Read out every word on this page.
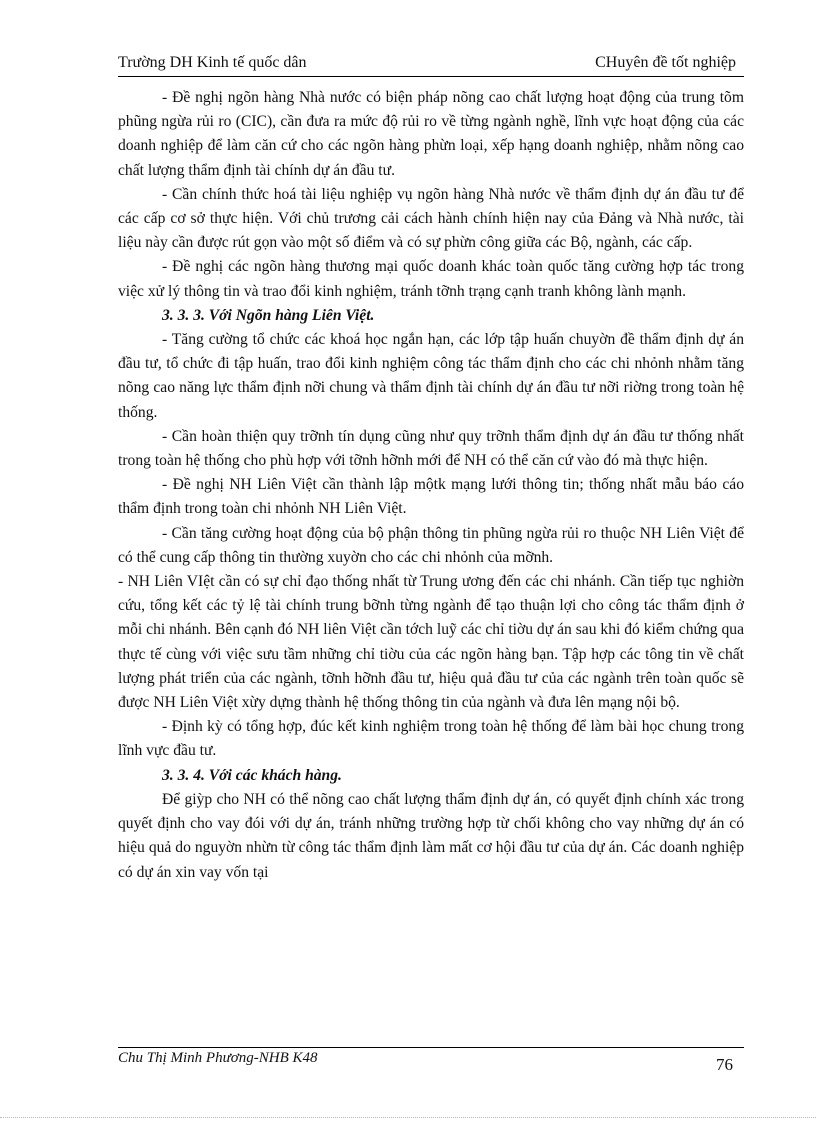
Trường DH Kinh tế quốc dân	CHuyên đề tốt nghiệp

- Đề nghị ngõn hàng Nhà nước có biện pháp nõng cao chất lượng hoạt động của trung tõm phũng ngừa rủi ro (CIC), cần đưa ra mức độ rủi ro về từng ngành nghề, lĩnh vực hoạt động của các doanh nghiệp để làm căn cứ cho các ngõn hàng phừn loại, xếp hạng doanh nghiệp, nhằm nõng cao chất lượng thẩm định tài chính dự án đầu tư.

- Cần chính thức hoá tài liệu nghiệp vụ ngõn hàng Nhà nước về thẩm định dự án đầu tư để các cấp cơ sở thực hiện. Với chủ trương cải cách hành chính hiện nay của Đảng và Nhà nước, tài liệu này cần được rút gọn vào một số điểm và có sự phừn công giữa các Bộ, ngành, các cấp.

- Đề nghị các ngõn hàng thương mại quốc doanh khác toàn quốc tăng cường hợp tác trong việc xử lý thông tin và trao đổi kinh nghiệm, tránh tỡnh trạng cạnh tranh không lành mạnh.

3. 3. 3. Với Ngõn hàng Liên Việt.

- Tăng cường tổ chức các khoá học ngắn hạn, các lớp tập huấn chuyờn đề thẩm định dự án đầu tư, tổ chức đi tập huấn, trao đổi kinh nghiệm công tác thẩm định cho các chi nhỏnh nhằm tăng nõng cao năng lực thẩm định nỡi chung và thẩm định tài chính dự án đầu tư nỡi riờng trong toàn hệ thống.

- Cần hoàn thiện quy trỡnh tín dụng cũng như quy trỡnh thẩm định dự án đầu tư thống nhất trong toàn hệ thống cho phù hợp với tỡnh hỡnh mới để NH có thể căn cứ vào đó mà thực hiện.

- Đề nghị NH Liên Việt cần thành lập mộtk mạng lưới thông tin; thống nhất mẫu báo cáo thẩm định trong toàn chi nhỏnh NH Liên Việt.

- Cần tăng cường hoạt động của bộ phận thông tin phũng ngừa rủi ro thuộc NH Liên Việt để có thể cung cấp thông tin thường xuyờn cho các chi nhỏnh của mỡnh.

- NH Liên VIệt cần có sự chỉ đạo thống nhất từ Trung ương đến các chi nhánh. Cần tiếp tục nghiờn cứu, tổng kết các tỷ lệ tài chính trung bỡnh từng ngành để tạo thuận lợi cho công tác thẩm định ở mỗi chi nhánh. Bên cạnh đó NH liên Việt cần tớch luỹ các chỉ tiờu dự án sau khi đó kiểm chứng qua thực tế cùng với việc sưu tầm những chỉ tiờu của các ngõn hàng bạn. Tập hợp các tông tin về chất lượng phát triển của các ngành, tỡnh hỡnh đầu tư, hiệu quả đầu tư của các ngành trên toàn quốc sẽ được NH Liên Việt xừy dựng thành hệ thống thông tin của ngành và đưa lên mạng nội bộ.

- Định kỳ có tổng hợp, đúc kết kinh nghiệm trong toàn hệ thống để làm bài học chung trong lĩnh vực đầu tư.

3. 3. 4. Với các khách hàng.

Để giỳp cho NH có thể nõng cao chất lượng thẩm định dự án, có quyết định chính xác trong quyết định cho vay đói với dự án, tránh những trường hợp từ chối không cho vay những dự án có hiệu quả do nguyờn nhừn từ công tác thẩm định làm mất cơ hội đầu tư của dự án. Các doanh nghiệp có dự án xin vay vốn tại

Chu Thị Minh Phương-NHB K48	76
